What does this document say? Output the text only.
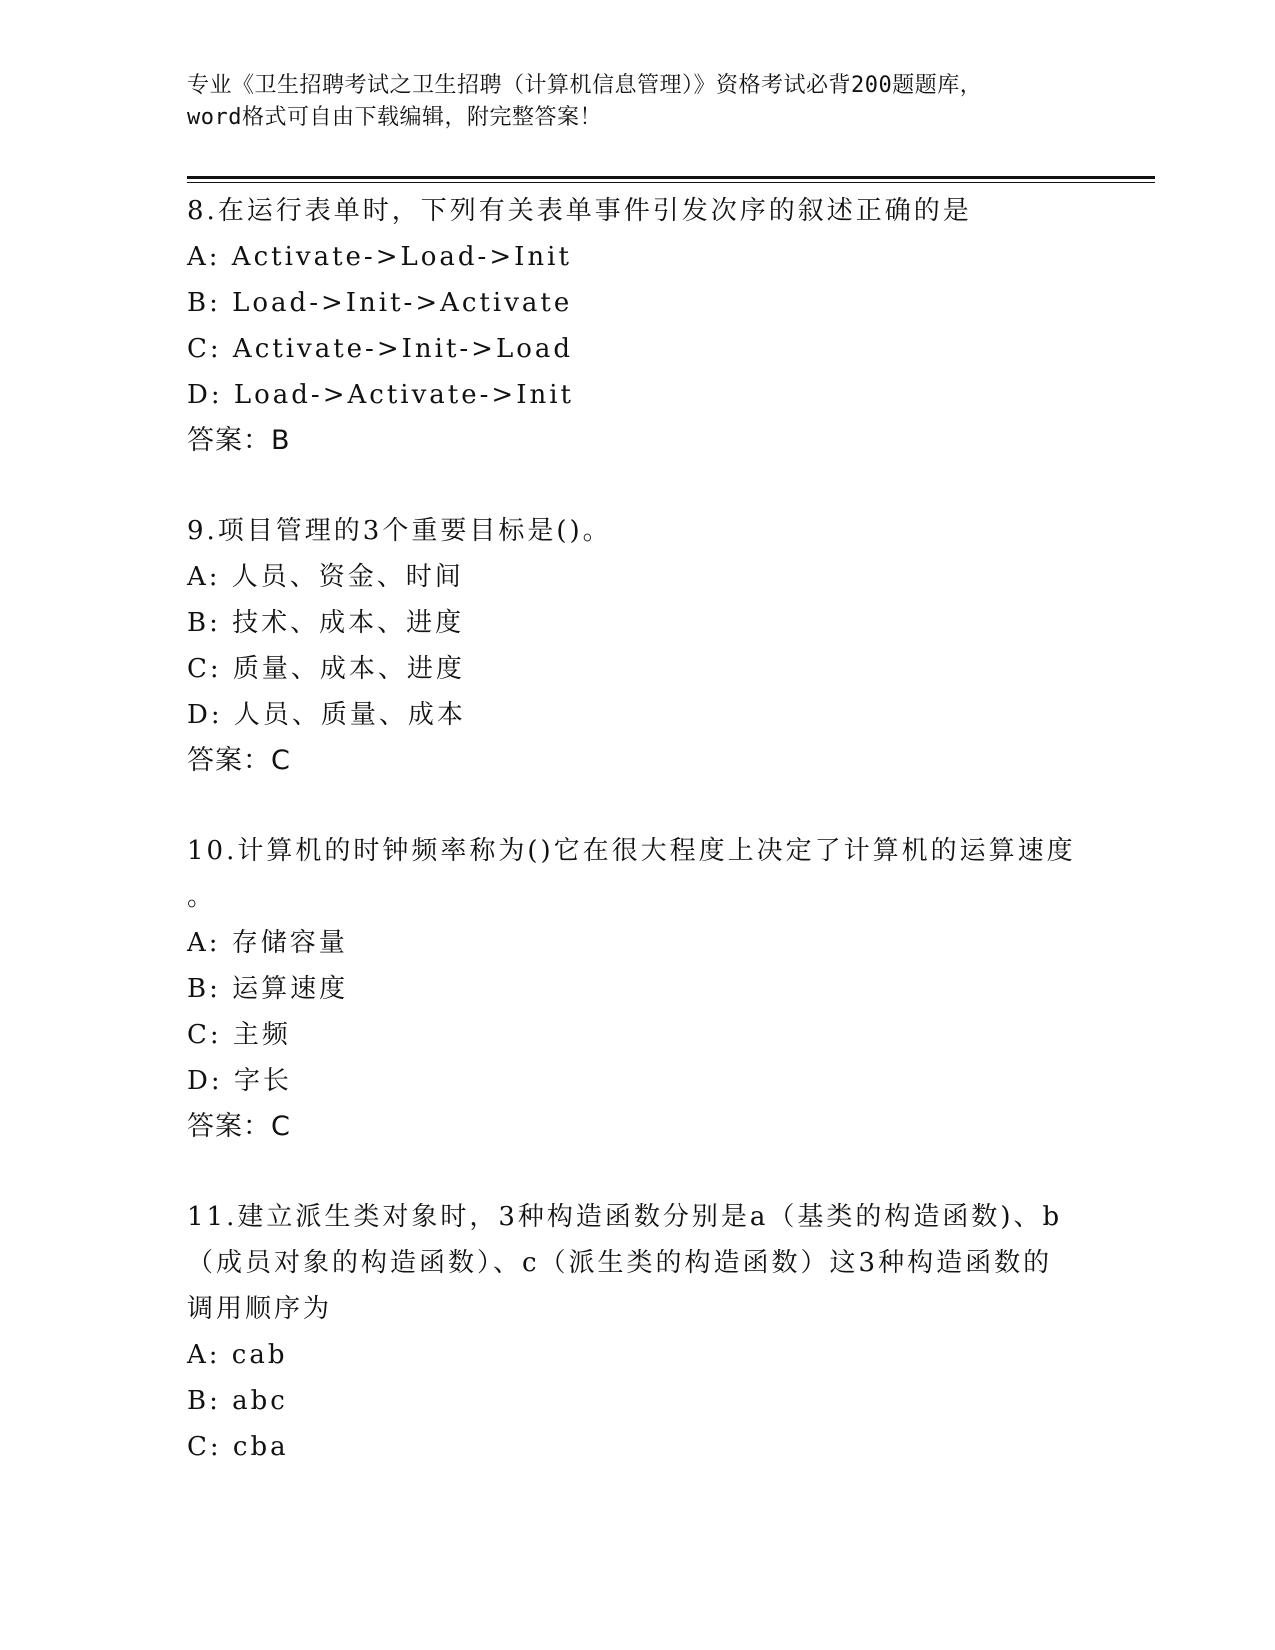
专业《卫生招聘考试之卫生招聘（计算机信息管理）》资格考试必背200题题库，
word格式可自由下载编辑，附完整答案！
8.在运行表单时，下列有关表单事件引发次序的叙述正确的是
A: Activate->Load->Init
B: Load->Init->Activate
C: Activate->Init->Load
D: Load->Activate->Init
答案：B
9.项目管理的3个重要目标是()。
A: 人员、资金、时间
B: 技术、成本、进度
C: 质量、成本、进度
D: 人员、质量、成本
答案：C
10.计算机的时钟频率称为()它在很大程度上决定了计算机的运算速度
。
A: 存储容量
B: 运算速度
C: 主频
D: 字长
答案：C
11.建立派生类对象时，3种构造函数分别是a（基类的构造函数)、b
（成员对象的构造函数）、c（派生类的构造函数）这3种构造函数的
调用顺序为
A: cab
B: abc
C: cba
